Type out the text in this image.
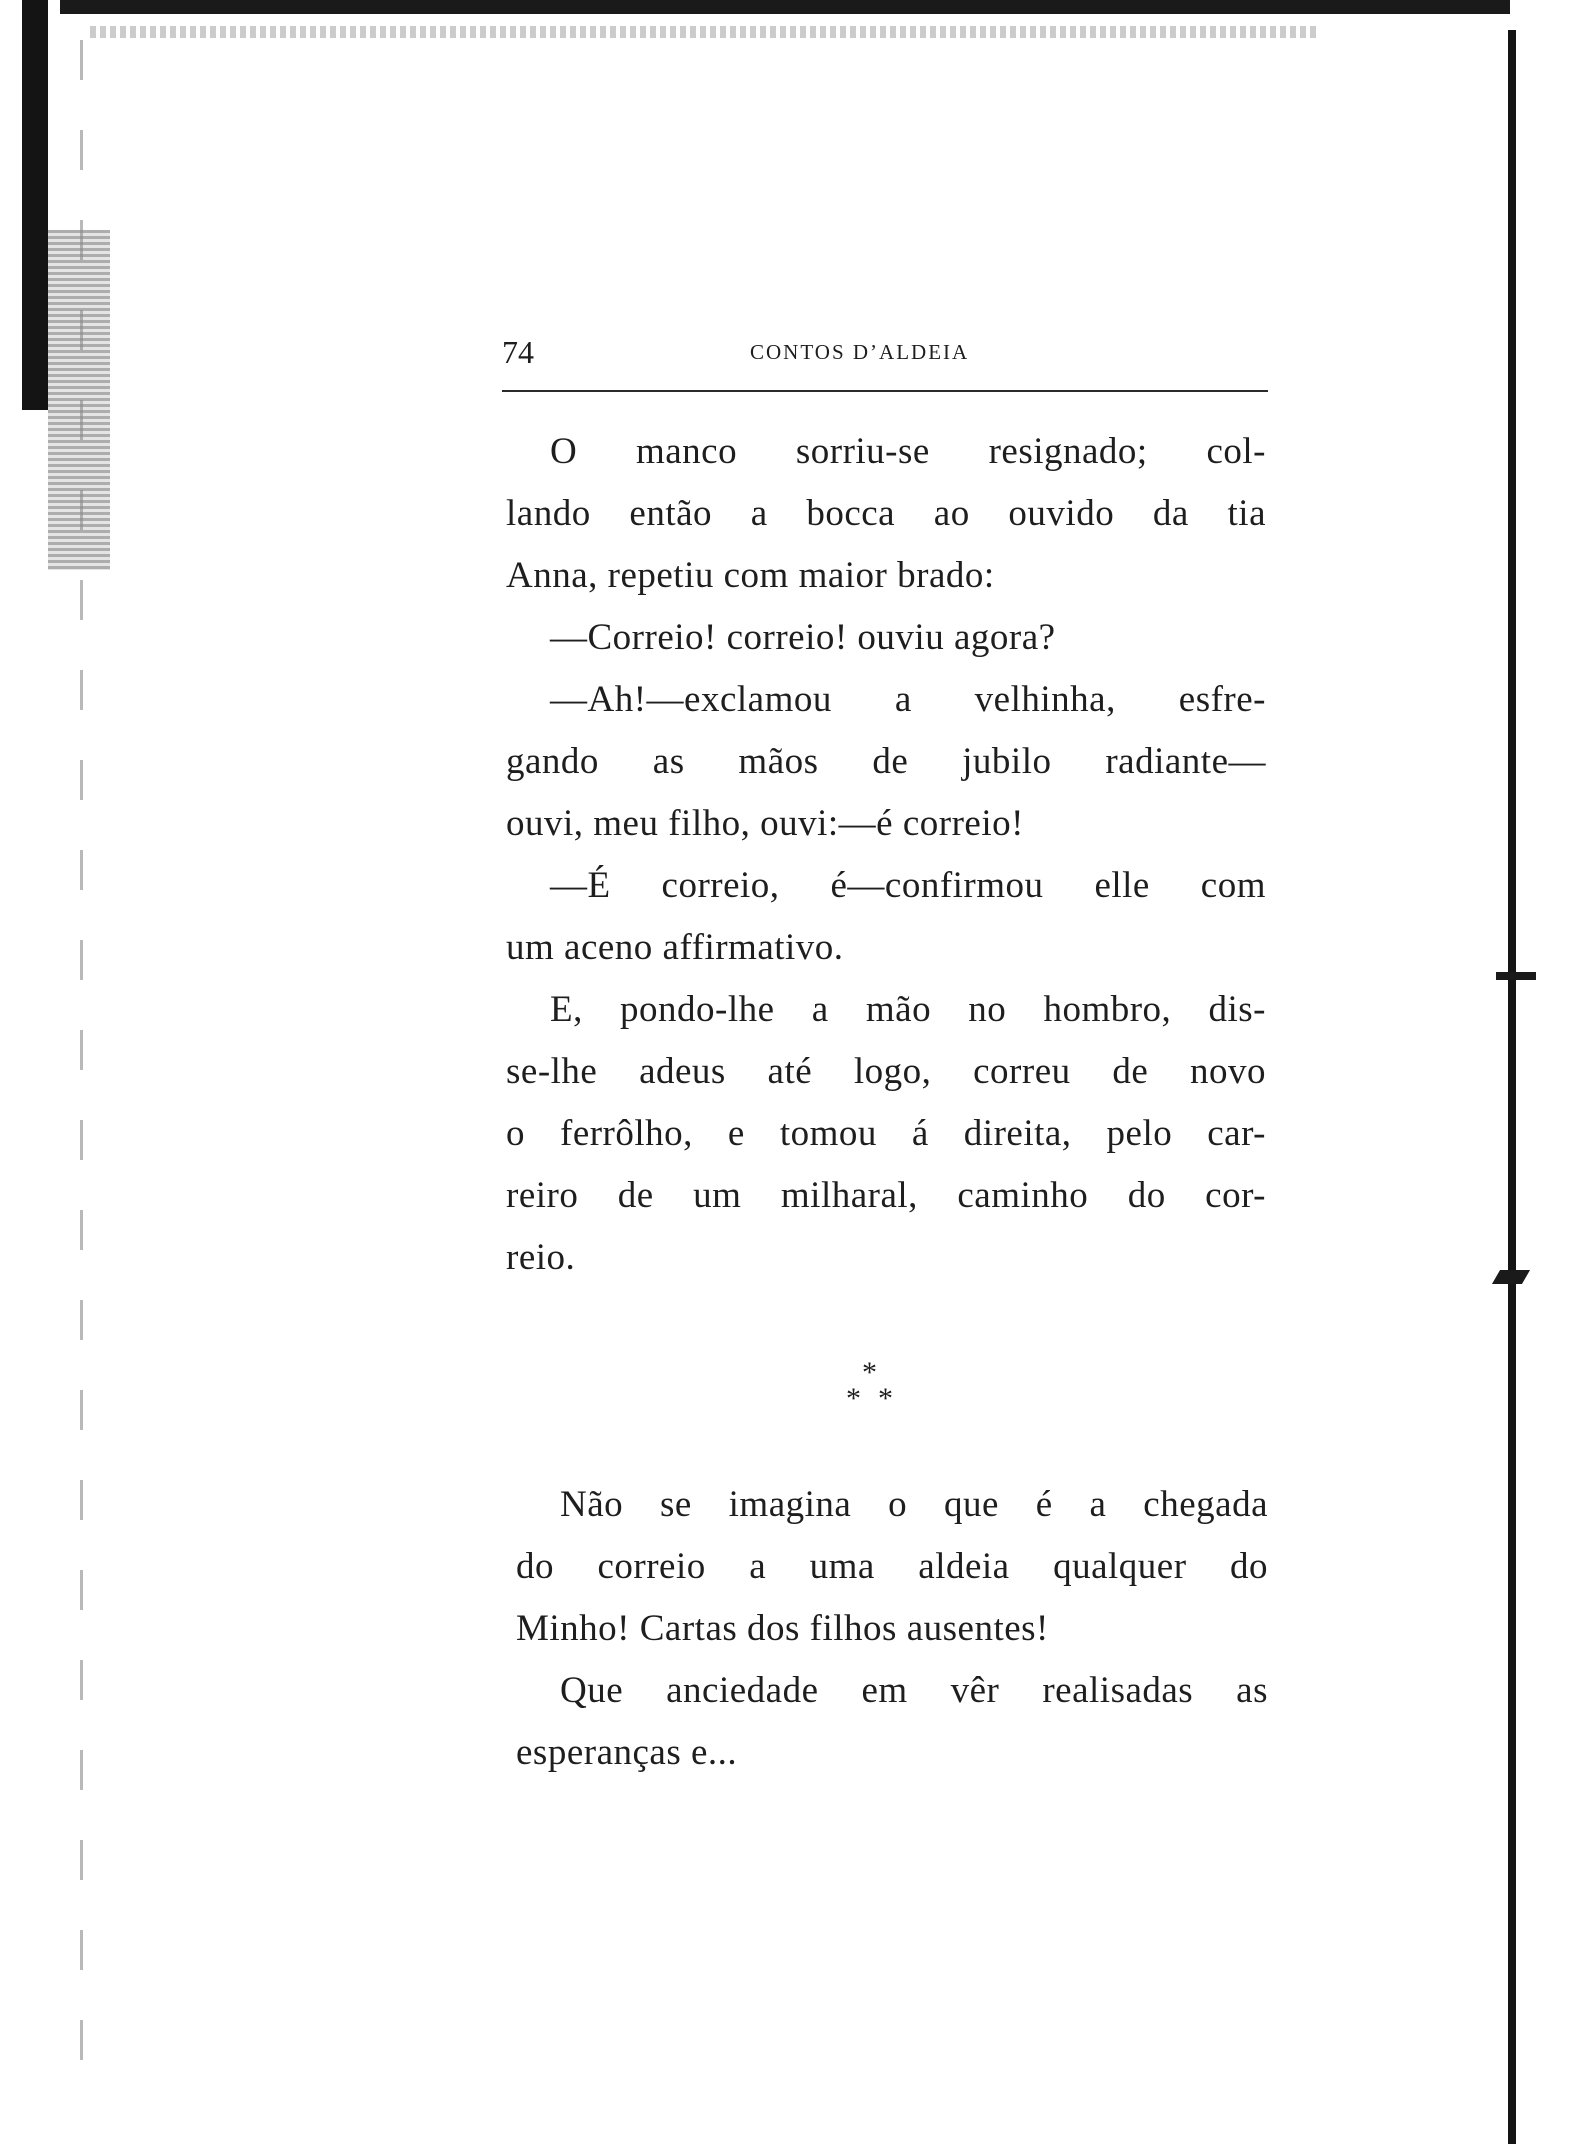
74	CONTOS D’ALDEIA
O manco sorriu-se resignado; col-
lando então a bocca ao ouvido da tia
Anna, repetiu com maior brado:
—Correio! correio! ouviu agora?
—Ah!—exclamou a velhinha, esfre-
gando as mãos de jubilo radiante—
ouvi, meu filho, ouvi:—é correio!
—É correio, é—confirmou elle com
um aceno affirmativo.
E, pondo-lhe a mão no hombro, dis-
se-lhe adeus até logo, correu de novo
o ferrôlho, e tomou á direita, pelo car-
reiro de um milharal, caminho do cor-
reio.
*
* *
Não se imagina o que é a chegada
do correio a uma aldeia qualquer do
Minho! Cartas dos filhos ausentes!
Que anciedade em vêr realisadas as
esperanças e...
